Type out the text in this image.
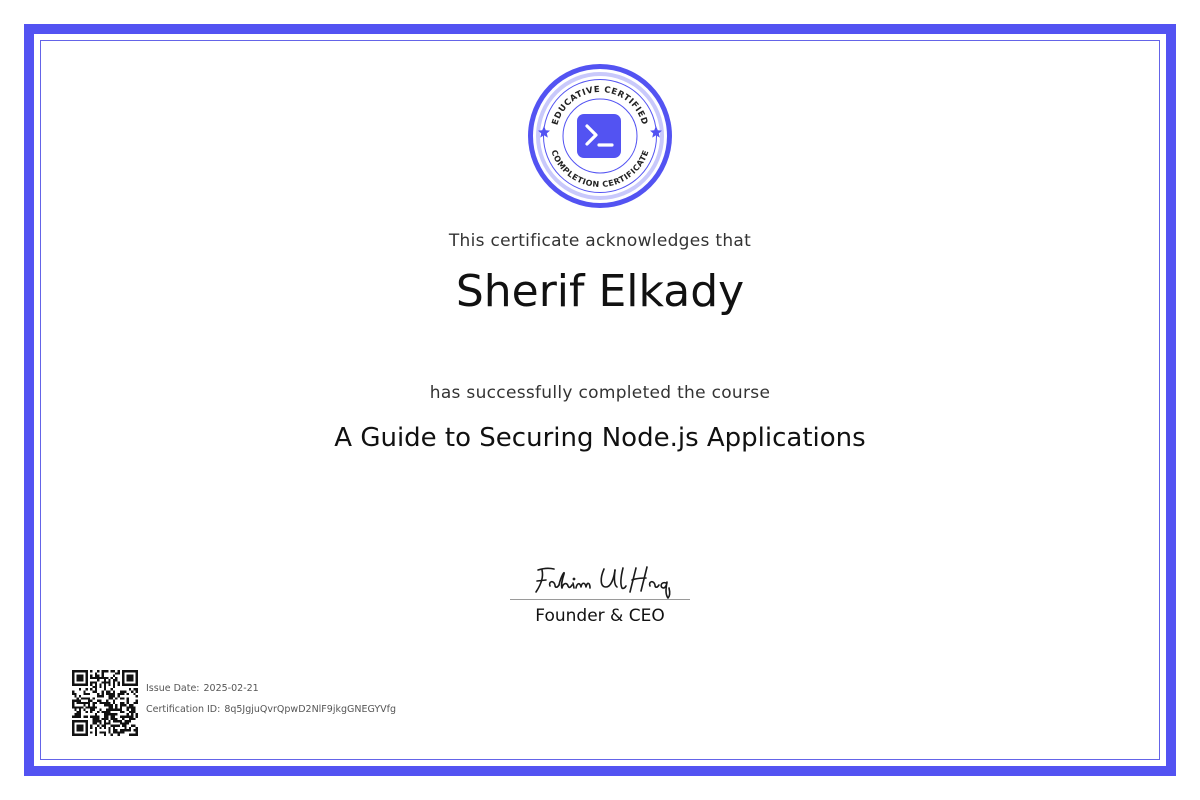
EDUCATIVE CERTIFIED
COMPLETION CERTIFICATE

This certificate acknowledges that

Sherif Elkady

has successfully completed the course

A Guide to Securing Node.js Applications

Founder & CEO

Issue Date: 2025-02-21
Certification ID: 8q5JgjuQvrQpwD2NlF9jkgGNEGYVfg
